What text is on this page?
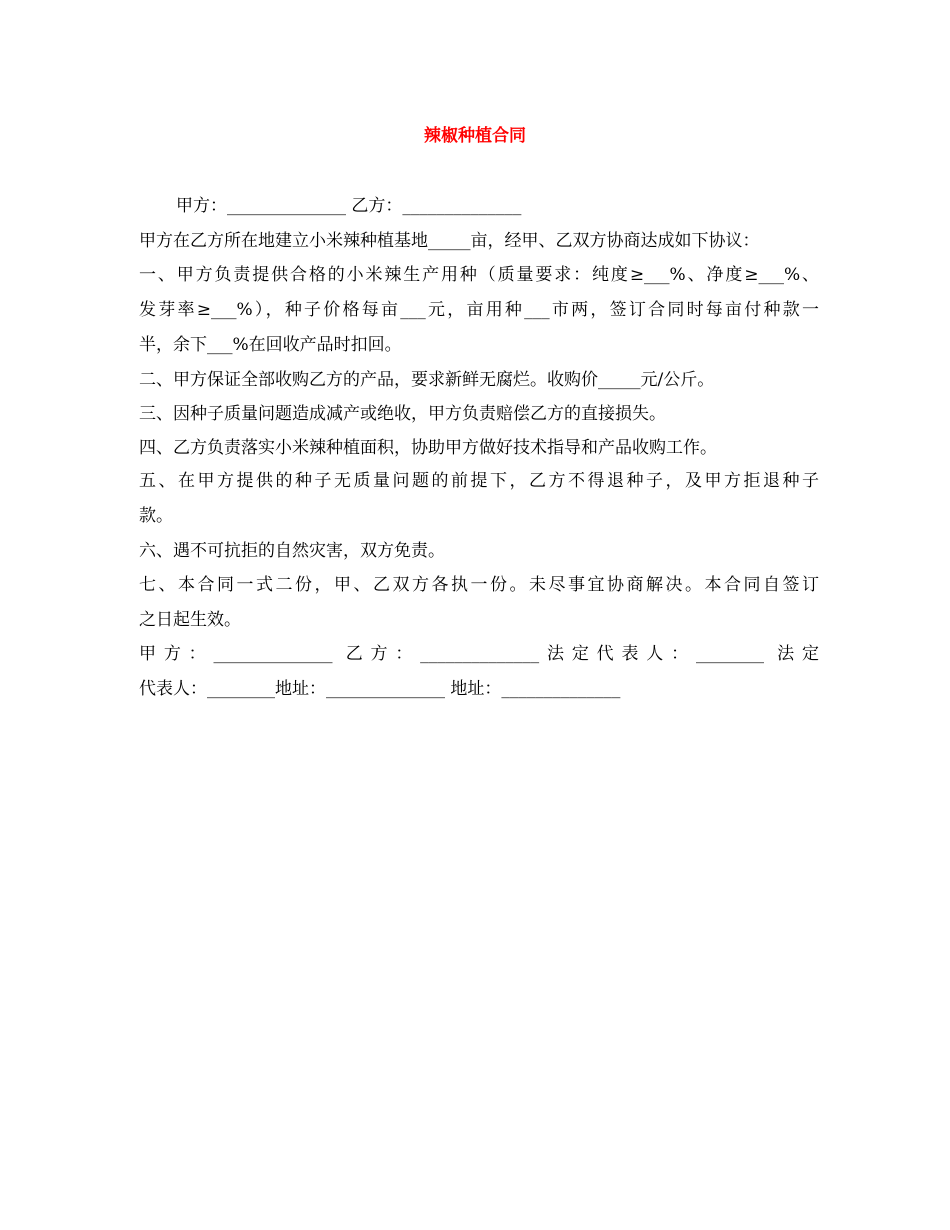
辣椒种植合同
甲方：______________ 乙方：______________
甲方在乙方所在地建立小米辣种植基地_____亩，经甲、乙双方协商达成如下协议：
一、甲方负责提供合格的小米辣生产用种（质量要求：纯度≥___%、净度≥___%、
发芽率≥___%），种子价格每亩___元，亩用种___市两，签订合同时每亩付种款一
半，余下___%在回收产品时扣回。
二、甲方保证全部收购乙方的产品，要求新鲜无腐烂。收购价_____元/公斤。
三、因种子质量问题造成减产或绝收，甲方负责赔偿乙方的直接损失。
四、乙方负责落实小米辣种植面积，协助甲方做好技术指导和产品收购工作。
五、在甲方提供的种子无质量问题的前提下，乙方不得退种子，及甲方拒退种子
款。
六、遇不可抗拒的自然灾害，双方免责。
七、本合同一式二份，甲、乙双方各执一份。未尽事宜协商解决。本合同自签订
之日起生效。
甲方：______________ 乙方：______________法定代表人：________ 法定
代表人：________地址：______________ 地址：______________
